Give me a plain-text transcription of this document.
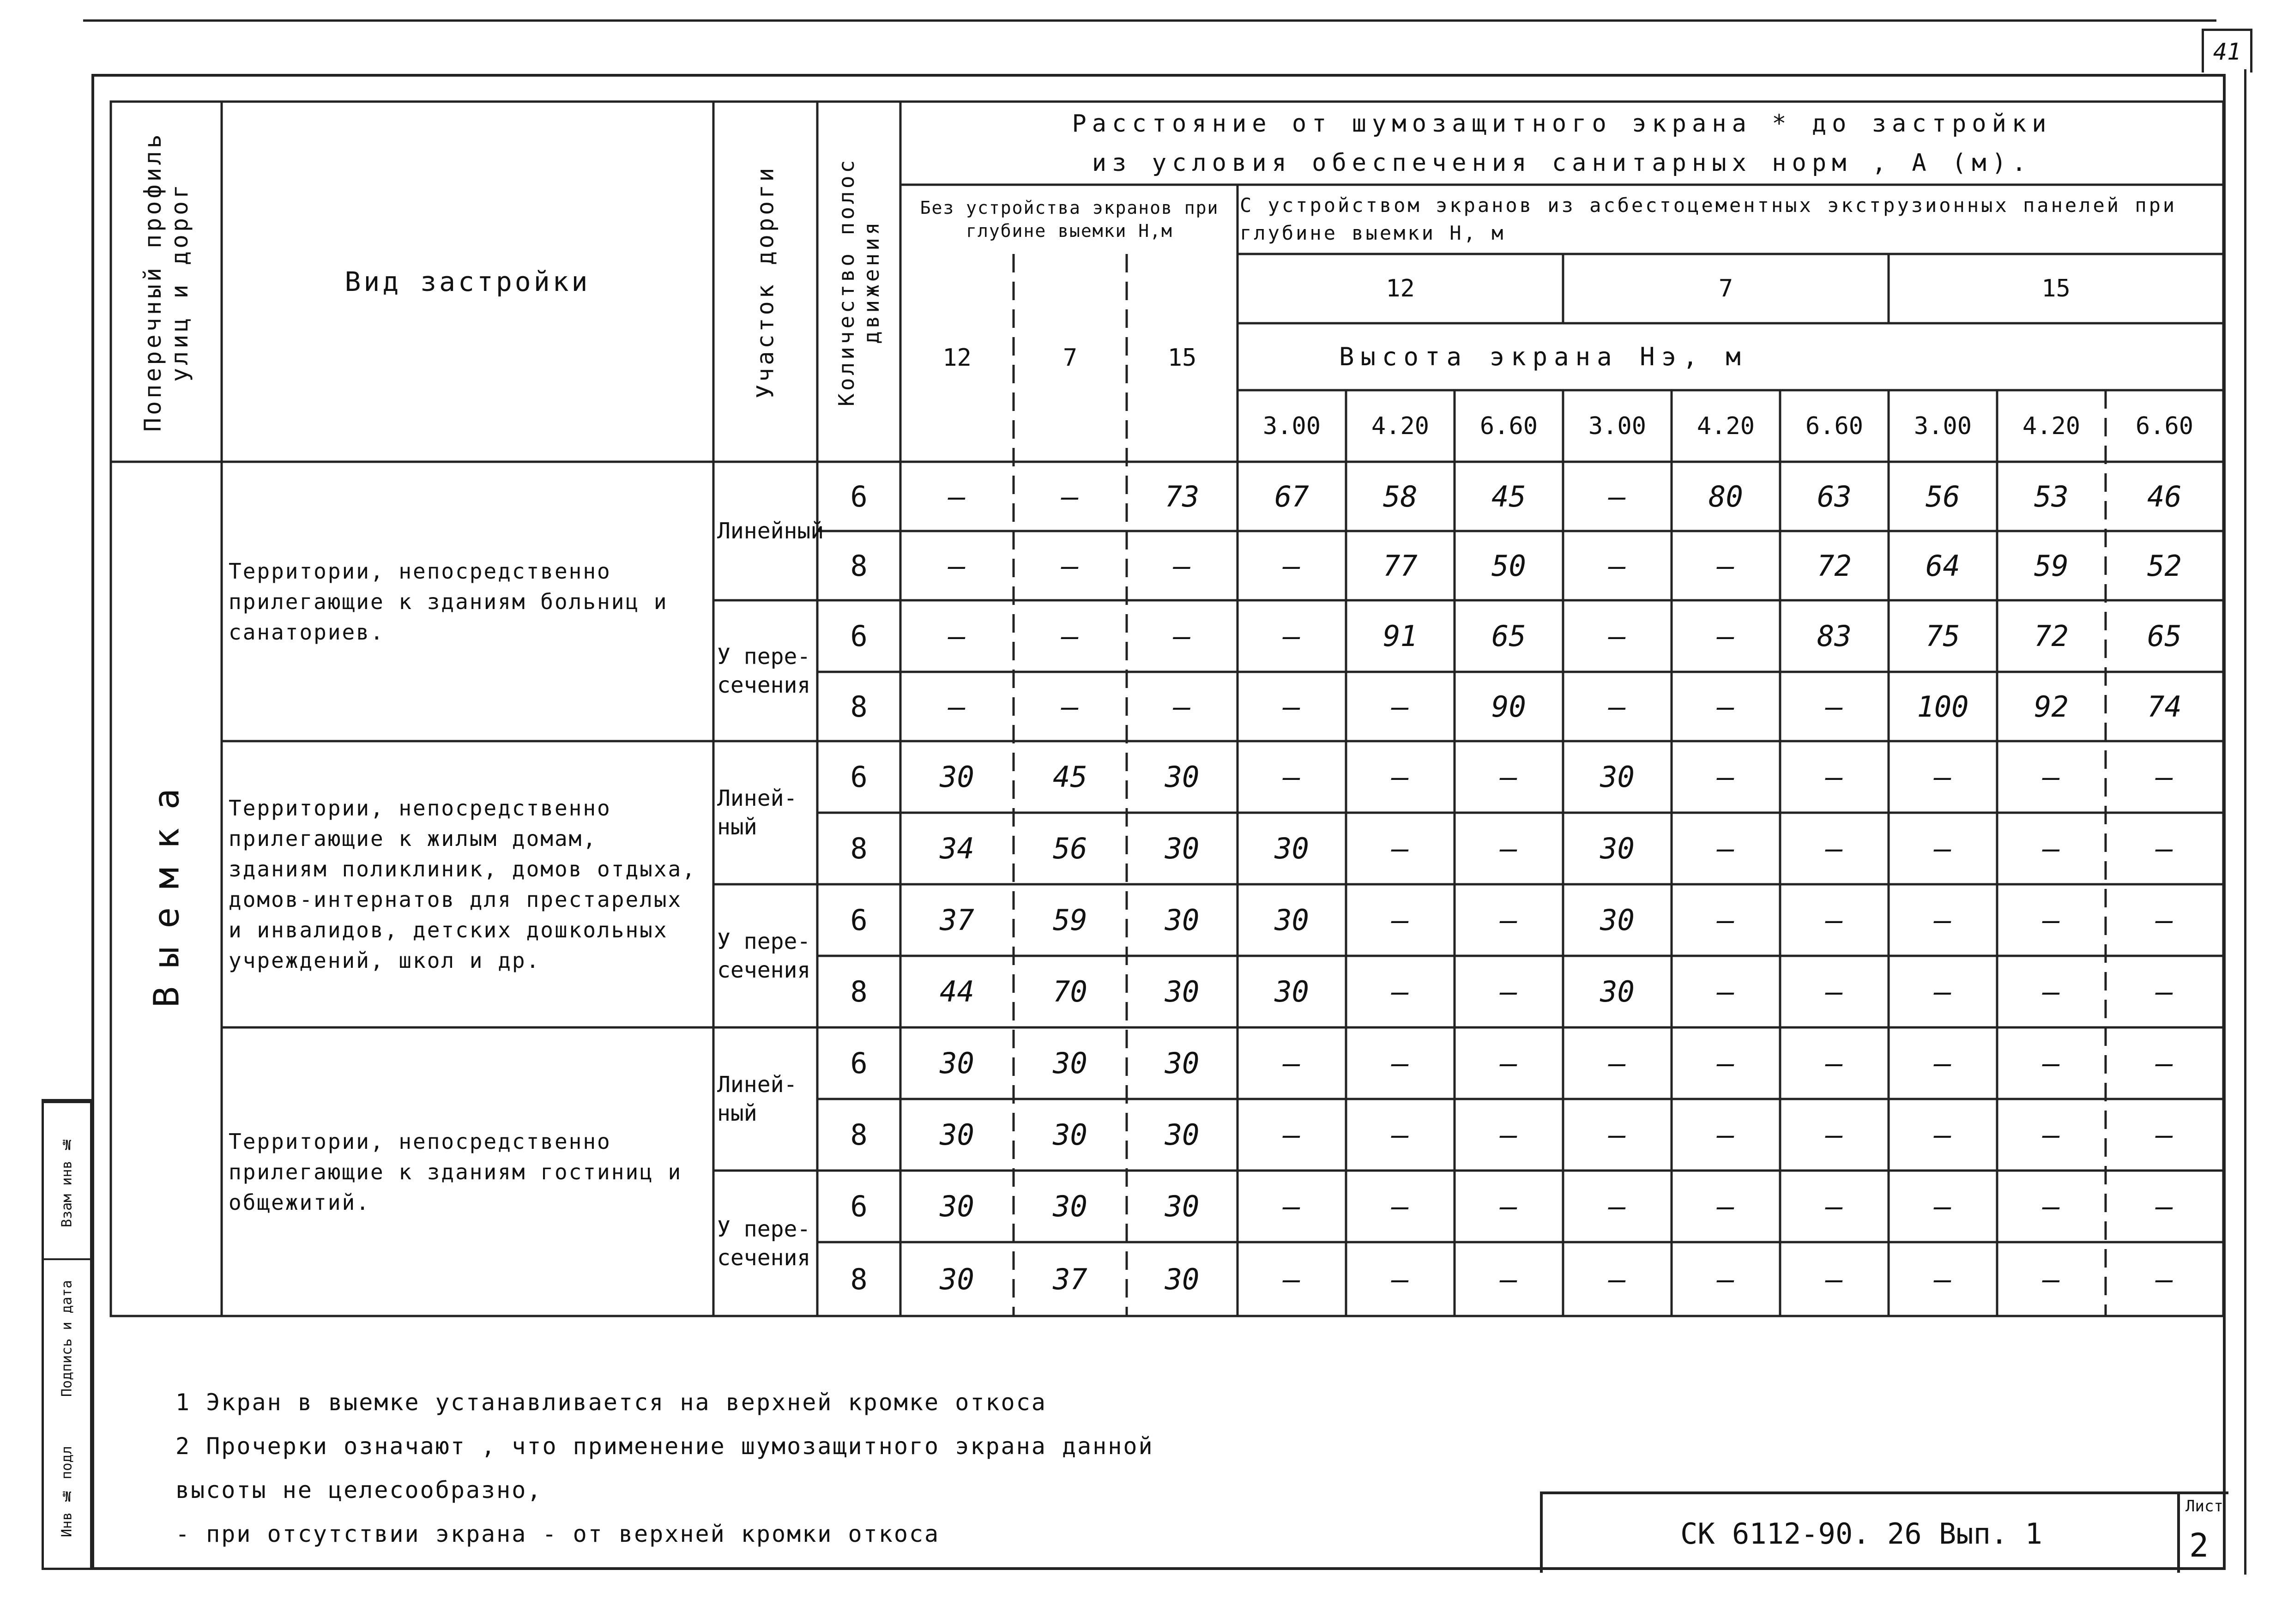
41
Поперечный профиль улиц и дорог	Вид застройки	Участок дороги	Количество полос движения
Расстояние от шумозащитного экрана * до застройки
из условия обеспечения санитарных норм , А (м).
Без устройства экранов при глубине выемки Н,м
С устройством экранов из асбестоцементных экструзионных панелей при глубине выемки Н, м
12	7	15
12	7	15
Высота экрана Нэ, м
3.00	4.20	6.60	3.00	4.20	6.60	3.00	4.20	6.60
Территории, непосредственно прилегающие к зданиям больниц и санаториев.
Линейный
6	—	—	73	67	58	45	—	80	63	56	53	46
8	—	—	—	—	77	50	—	—	72	64	59	52
У пере-сечения
6	—	—	—	—	91	65	—	—	83	75	72	65
8	—	—	—	—	—	90	—	—	—	100	92	74
Территории, непосредственно прилегающие к жилым домам, зданиям поликлиник, домов отдыха, домов-интернатов для престарелых и инвалидов, детских дошкольных учреждений, школ и др.
Линей-ный
6	30	45	30	—	—	—	30	—	—	—	—	—
8	34	56	30	30	—	—	30	—	—	—	—	—
У пере-сечения
6	37	59	30	30	—	—	30	—	—	—	—	—
8	44	70	30	30	—	—	30	—	—	—	—	—
Территории, непосредственно прилегающие к зданиям гостиниц и общежитий.
Линей-ный
6	30	30	30	—	—	—	—	—	—	—	—	—
8	30	30	30	—	—	—	—	—	—	—	—	—
У пере-сечения
6	30	30	30	—	—	—	—	—	—	—	—	—
8	30	37	30	—	—	—	—	—	—	—	—	—
Выемка
1 Экран в выемке устанавливается на верхней кромке откоса
2 Прочерки означают , что применение шумозащитного экрана данной
высоты не целесообразно,
- при отсутствии экрана - от верхней кромки откоса	СК 6112-90. 26 Вып. 1
Лист
2
Взам инв №
Подпись и дата
Инв № подл
